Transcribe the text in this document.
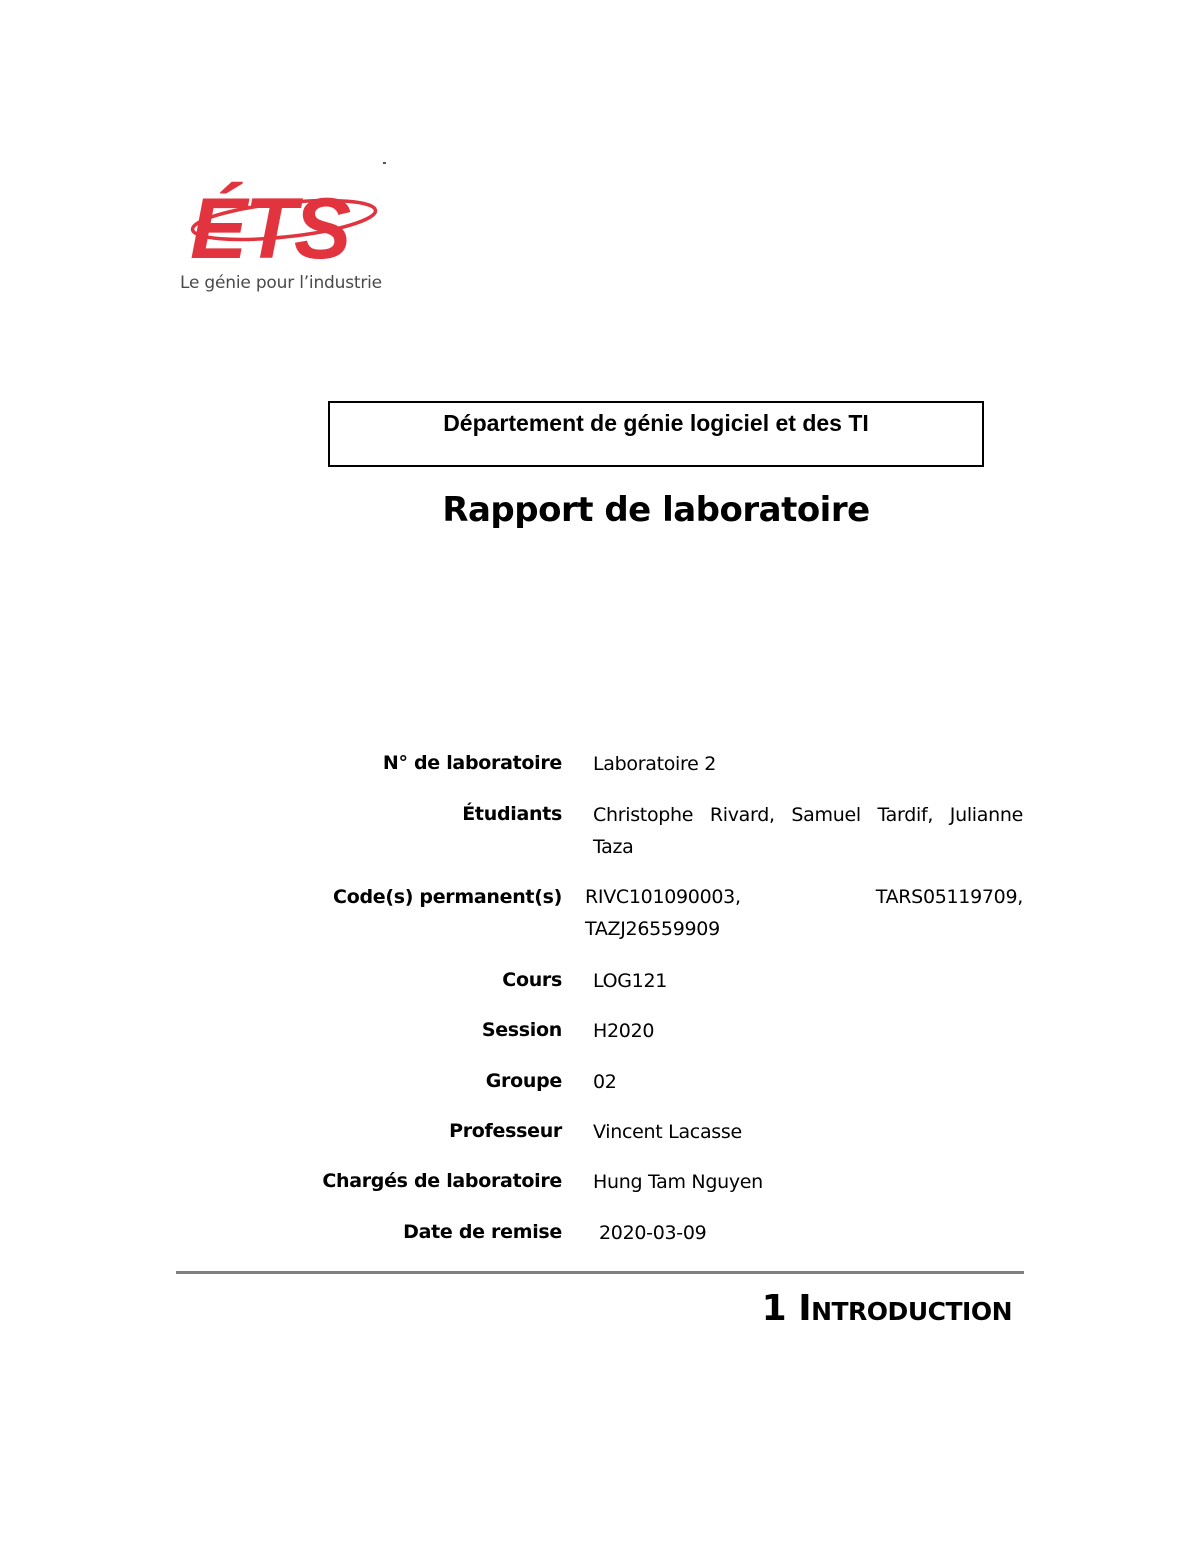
ÉTS
Le génie pour l’industrie
Département de génie logiciel et des TI
Rapport de laboratoire
N° de laboratoire Laboratoire 2
Étudiants Christophe Rivard, Samuel Tardif, Julianne Taza
Code(s) permanent(s) RIVC101090003,	TARS05119709,
TAZJ26559909
Cours LOG121
Session H2020
Groupe 02
Professeur Vincent Lacasse
Chargés de laboratoire Hung Tam Nguyen
Date de remise 2020-03-09
1 Introduction
